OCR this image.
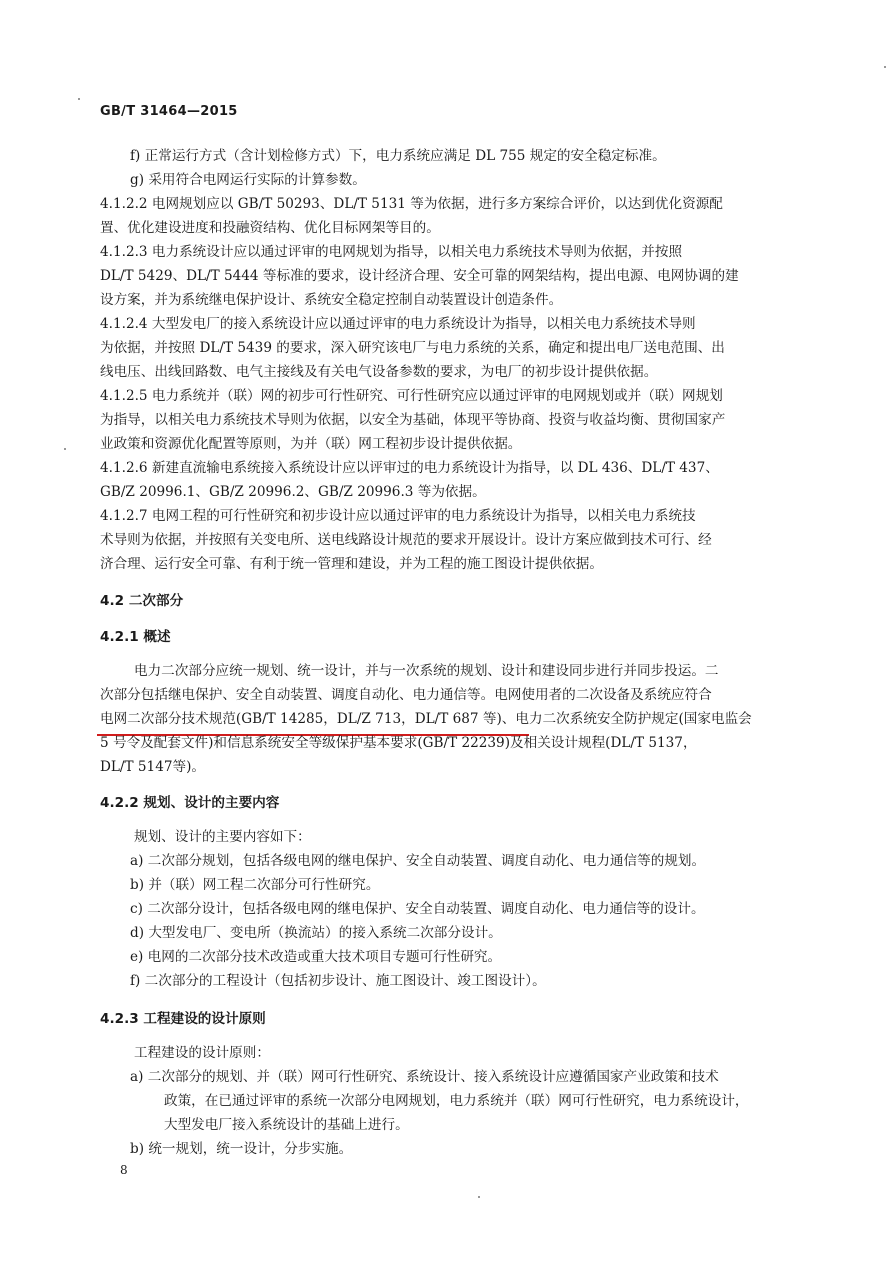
GB/T 31464—2015
f) 正常运行方式（含计划检修方式）下，电力系统应满足 DL 755 规定的安全稳定标准。
g) 采用符合电网运行实际的计算参数。
4.1.2.2 电网规划应以 GB/T 50293、DL/T 5131 等为依据，进行多方案综合评价，以达到优化资源配
置、优化建设进度和投融资结构、优化目标网架等目的。
4.1.2.3 电力系统设计应以通过评审的电网规划为指导，以相关电力系统技术导则为依据，并按照
DL/T 5429、DL/T 5444 等标准的要求，设计经济合理、安全可靠的网架结构，提出电源、电网协调的建
设方案，并为系统继电保护设计、系统安全稳定控制自动装置设计创造条件。
4.1.2.4 大型发电厂的接入系统设计应以通过评审的电力系统设计为指导，以相关电力系统技术导则
为依据，并按照 DL/T 5439 的要求，深入研究该电厂与电力系统的关系，确定和提出电厂送电范围、出
线电压、出线回路数、电气主接线及有关电气设备参数的要求，为电厂的初步设计提供依据。
4.1.2.5 电力系统并（联）网的初步可行性研究、可行性研究应以通过评审的电网规划或并（联）网规划
为指导，以相关电力系统技术导则为依据，以安全为基础，体现平等协商、投资与收益均衡、贯彻国家产
业政策和资源优化配置等原则，为并（联）网工程初步设计提供依据。
4.1.2.6 新建直流输电系统接入系统设计应以评审过的电力系统设计为指导，以 DL 436、DL/T 437、
GB/Z 20996.1、GB/Z 20996.2、GB/Z 20996.3 等为依据。
4.1.2.7 电网工程的可行性研究和初步设计应以通过评审的电力系统设计为指导，以相关电力系统技
术导则为依据，并按照有关变电所、送电线路设计规范的要求开展设计。设计方案应做到技术可行、经
济合理、运行安全可靠、有利于统一管理和建设，并为工程的施工图设计提供依据。
4.2 二次部分
4.2.1 概述
电力二次部分应统一规划、统一设计，并与一次系统的规划、设计和建设同步进行并同步投运。二
次部分包括继电保护、安全自动装置、调度自动化、电力通信等。电网使用者的二次设备及系统应符合
电网二次部分技术规范(GB/T 14285，DL/Z 713，DL/T 687 等)、电力二次系统安全防护规定(国家电监会
5 号令及配套文件)和信息系统安全等级保护基本要求(GB/T 22239)及相关设计规程(DL/T 5137，
DL/T 5147等)。
4.2.2 规划、设计的主要内容
规划、设计的主要内容如下：
a) 二次部分规划，包括各级电网的继电保护、安全自动装置、调度自动化、电力通信等的规划。
b) 并（联）网工程二次部分可行性研究。
c) 二次部分设计，包括各级电网的继电保护、安全自动装置、调度自动化、电力通信等的设计。
d) 大型发电厂、变电所（换流站）的接入系统二次部分设计。
e) 电网的二次部分技术改造或重大技术项目专题可行性研究。
f) 二次部分的工程设计（包括初步设计、施工图设计、竣工图设计）。
4.2.3 工程建设的设计原则
工程建设的设计原则：
a) 二次部分的规划、并（联）网可行性研究、系统设计、接入系统设计应遵循国家产业政策和技术
政策，在已通过评审的系统一次部分电网规划，电力系统并（联）网可行性研究，电力系统设计，
大型发电厂接入系统设计的基础上进行。
b) 统一规划，统一设计，分步实施。
8
